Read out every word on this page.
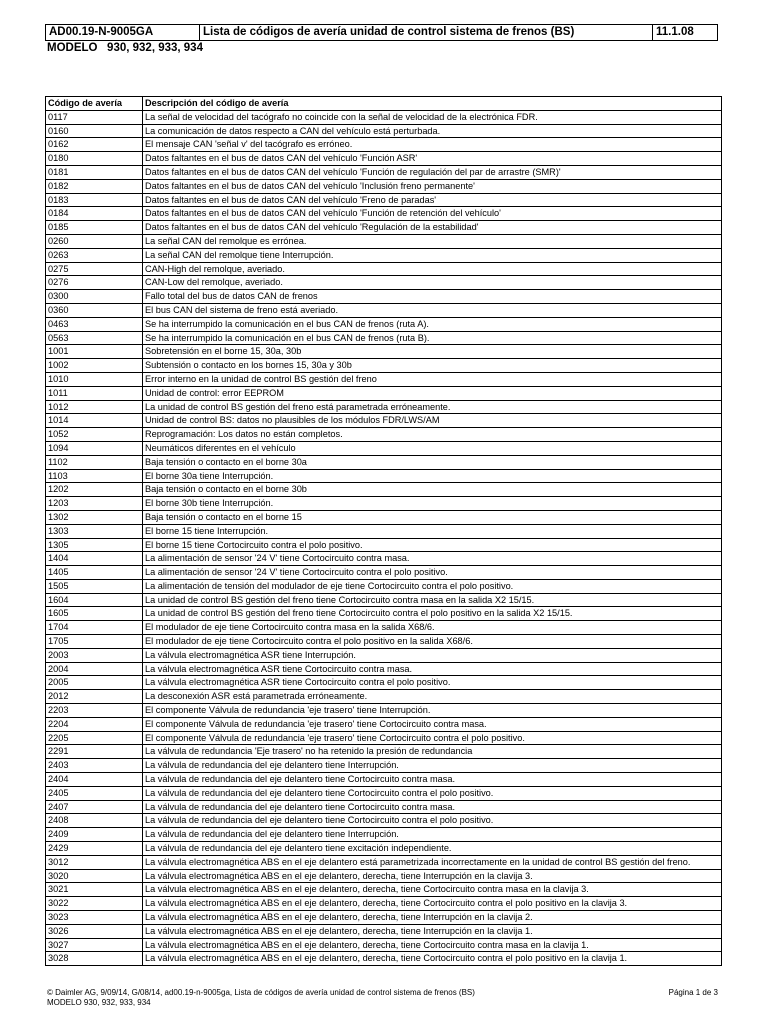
AD00.19-N-9005GA	Lista de códigos de avería unidad de control sistema de frenos (BS)	11.1.08
MODELO   930, 932, 933, 934
Código de avería	Descripción del código de avería
0117	La señal de velocidad del tacógrafo no coincide con la señal de velocidad de la electrónica FDR.
0160	La comunicación de datos respecto a CAN del vehículo está perturbada.
0162	El mensaje CAN 'señal v' del tacógrafo es erróneo.
0180	Datos faltantes en el bus de datos CAN del vehículo 'Función ASR'
0181	Datos faltantes en el bus de datos CAN del vehículo 'Función de regulación del par de arrastre (SMR)'
0182	Datos faltantes en el bus de datos CAN del vehículo 'Inclusión freno permanente'
0183	Datos faltantes en el bus de datos CAN del vehículo 'Freno de paradas'
0184	Datos faltantes en el bus de datos CAN del vehículo 'Función de retención del vehículo'
0185	Datos faltantes en el bus de datos CAN del vehículo 'Regulación de la estabilidad'
0260	La señal CAN del remolque es errónea.
0263	La señal CAN del remolque tiene Interrupción.
0275	CAN-High del remolque, averiado.
0276	CAN-Low del remolque, averiado.
0300	Fallo total del bus de datos CAN de frenos
0360	El bus CAN del sistema de freno está averiado.
0463	Se ha interrumpido la comunicación en el bus CAN de frenos (ruta A).
0563	Se ha interrumpido la comunicación en el bus CAN de frenos (ruta B).
1001	Sobretensión en el borne 15, 30a, 30b
1002	Subtensión o contacto en los bornes 15, 30a y 30b
1010	Error interno en la unidad de control BS gestión del freno
1011	Unidad de control: error EEPROM
1012	La unidad de control BS gestión del freno está parametrada erróneamente.
1014	Unidad de control BS: datos no plausibles de los módulos FDR/LWS/AM
1052	Reprogramación: Los datos no están completos.
1094	Neumáticos diferentes en el vehículo
1102	Baja tensión o contacto en el borne 30a
1103	El borne 30a tiene Interrupción.
1202	Baja tensión o contacto en el borne 30b
1203	El borne 30b tiene Interrupción.
1302	Baja tensión o contacto en el borne 15
1303	El borne 15 tiene Interrupción.
1305	El borne 15 tiene Cortocircuito contra el polo positivo.
1404	La alimentación de sensor '24 V' tiene Cortocircuito contra masa.
1405	La alimentación de sensor '24 V' tiene Cortocircuito contra el polo positivo.
1505	La alimentación de tensión del modulador de eje tiene Cortocircuito contra el polo positivo.
1604	La unidad de control BS gestión del freno tiene Cortocircuito contra masa en la salida X2 15/15.
1605	La unidad de control BS gestión del freno tiene Cortocircuito contra el polo positivo en la salida X2 15/15.
1704	El modulador de eje tiene Cortocircuito contra masa en la salida X68/6.
1705	El modulador de eje tiene Cortocircuito contra el polo positivo en la salida X68/6.
2003	La válvula electromagnética ASR tiene Interrupción.
2004	La válvula electromagnética ASR tiene Cortocircuito contra masa.
2005	La válvula electromagnética ASR tiene Cortocircuito contra el polo positivo.
2012	La desconexión ASR está parametrada erróneamente.
2203	El componente Válvula de redundancia 'eje trasero' tiene Interrupción.
2204	El componente Válvula de redundancia 'eje trasero' tiene Cortocircuito contra masa.
2205	El componente Válvula de redundancia 'eje trasero' tiene Cortocircuito contra el polo positivo.
2291	La válvula de redundancia 'Eje trasero' no ha retenido la presión de redundancia
2403	La válvula de redundancia del eje delantero tiene Interrupción.
2404	La válvula de redundancia del eje delantero tiene Cortocircuito contra masa.
2405	La válvula de redundancia del eje delantero tiene Cortocircuito contra el polo positivo.
2407	La válvula de redundancia del eje delantero tiene Cortocircuito contra masa.
2408	La válvula de redundancia del eje delantero tiene Cortocircuito contra el polo positivo.
2409	La válvula de redundancia del eje delantero tiene Interrupción.
2429	La válvula de redundancia del eje delantero tiene excitación independiente.
3012	La válvula electromagnética ABS en el eje delantero está parametrizada incorrectamente en la unidad de control BS gestión del freno.
3020	La válvula electromagnética ABS en el eje delantero, derecha, tiene Interrupción en la clavija 3.
3021	La válvula electromagnética ABS en el eje delantero, derecha, tiene Cortocircuito contra masa en la clavija 3.
3022	La válvula electromagnética ABS en el eje delantero, derecha, tiene Cortocircuito contra el polo positivo en la clavija 3.
3023	La válvula electromagnética ABS en el eje delantero, derecha, tiene Interrupción en la clavija 2.
3026	La válvula electromagnética ABS en el eje delantero, derecha, tiene Interrupción en la clavija 1.
3027	La válvula electromagnética ABS en el eje delantero, derecha, tiene Cortocircuito contra masa en la clavija 1.
3028	La válvula electromagnética ABS en el eje delantero, derecha, tiene Cortocircuito contra el polo positivo en la clavija 1.
© Daimler AG, 9/09/14, G/08/14, ad00.19-n-9005ga, Lista de códigos de avería unidad de control sistema de frenos (BS)	Página 1 de 3
MODELO 930, 932, 933, 934
